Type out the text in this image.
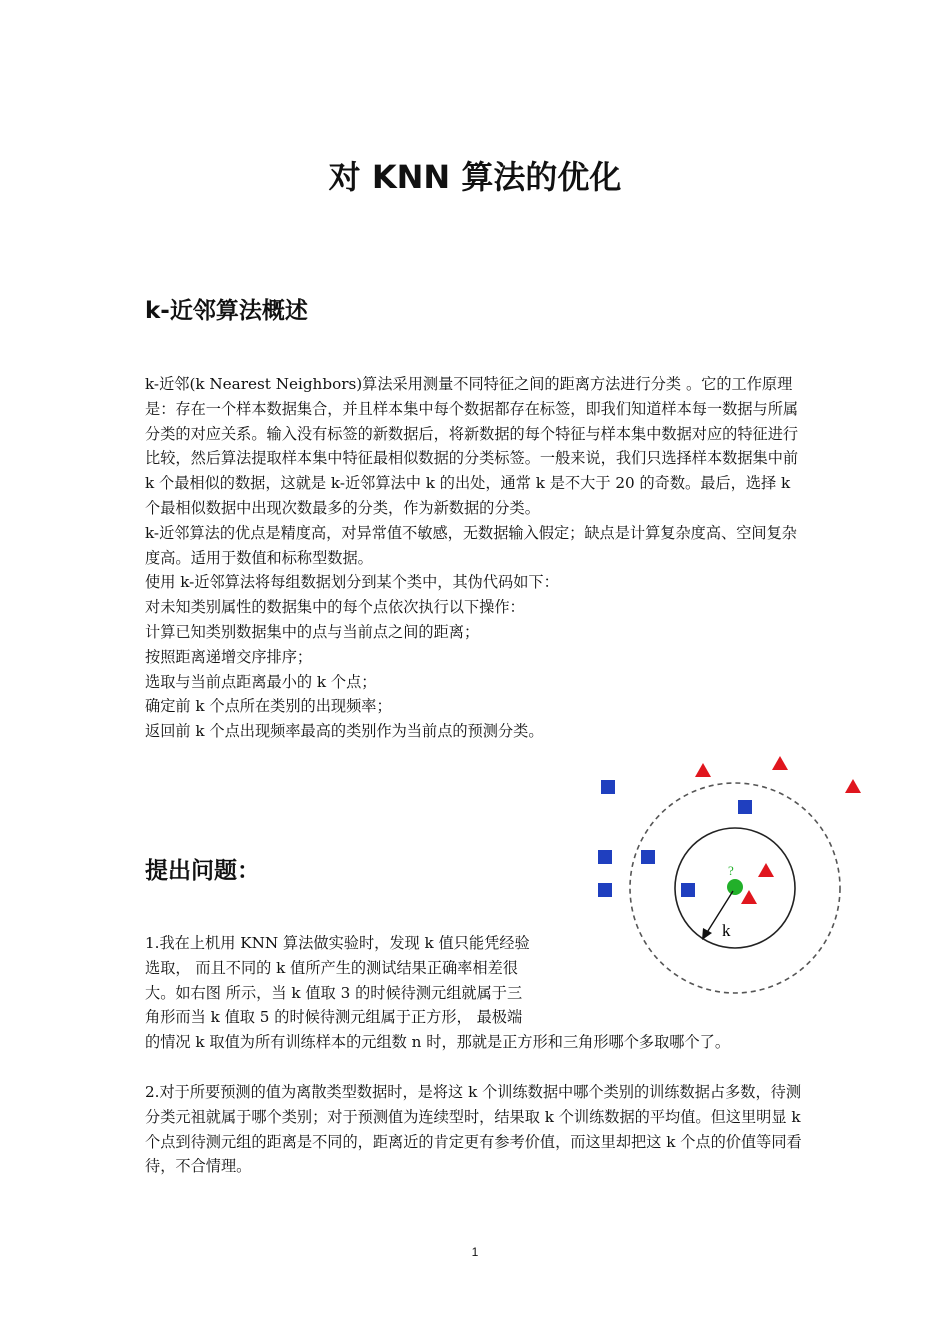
对 KNN 算法的优化
k-近邻算法概述

k-近邻(k Nearest Neighbors)算法采用测量不同特征之间的距离方法进行分类 。它的工作原理是：存在一个样本数据集合，并且样本集中每个数据都存在标签，即我们知道样本每一数据与所属分类的对应关系。输入没有标签的新数据后，将新数据的每个特征与样本集中数据对应的特征进行比较，然后算法提取样本集中特征最相似数据的分类标签。一般来说，我们只选择样本数据集中前 k 个最相似的数据，这就是 k-近邻算法中 k 的出处，通常 k 是不大于 20 的奇数。最后，选择 k 个最相似数据中出现次数最多的分类，作为新数据的分类。

k-近邻算法的优点是精度高，对异常值不敏感，无数据输入假定；缺点是计算复杂度高、空间复杂度高。适用于数值和标称型数据。

使用 k-近邻算法将每组数据划分到某个类中，其伪代码如下：

对未知类别属性的数据集中的每个点依次执行以下操作：

计算已知类别数据集中的点与当前点之间的距离；

按照距离递增交序排序；

选取与当前点距离最小的 k 个点；

确定前 k 个点所在类别的出现频率；

返回前 k 个点出现频率最高的类别作为当前点的预测分类。

提出问题：
1.我在上机用 KNN 算法做实验时，发现 k 值只能凭经验
选取， 而且不同的 k 值所产生的测试结果正确率相差很
大。如右图 所示，当 k 值取 3 的时候待测元组就属于三
角形而当 k 值取 5 的时候待测元组属于正方形， 最极端
的情况 k 取值为所有训练样本的元组数 n 时，那就是正方形和三角形哪个多取哪个了。

2.对于所要预测的值为离散类型数据时，是将这 k 个训练数据中哪个类别的训练数据占多数，待测分类元祖就属于哪个类别；对于预测值为连续型时，结果取 k 个训练数据的平均值。但这里明显 k 个点到待测元组的距离是不同的，距离近的肯定更有参考价值，而这里却把这 k 个点的价值等同看待，不合情理。

?
k
1
